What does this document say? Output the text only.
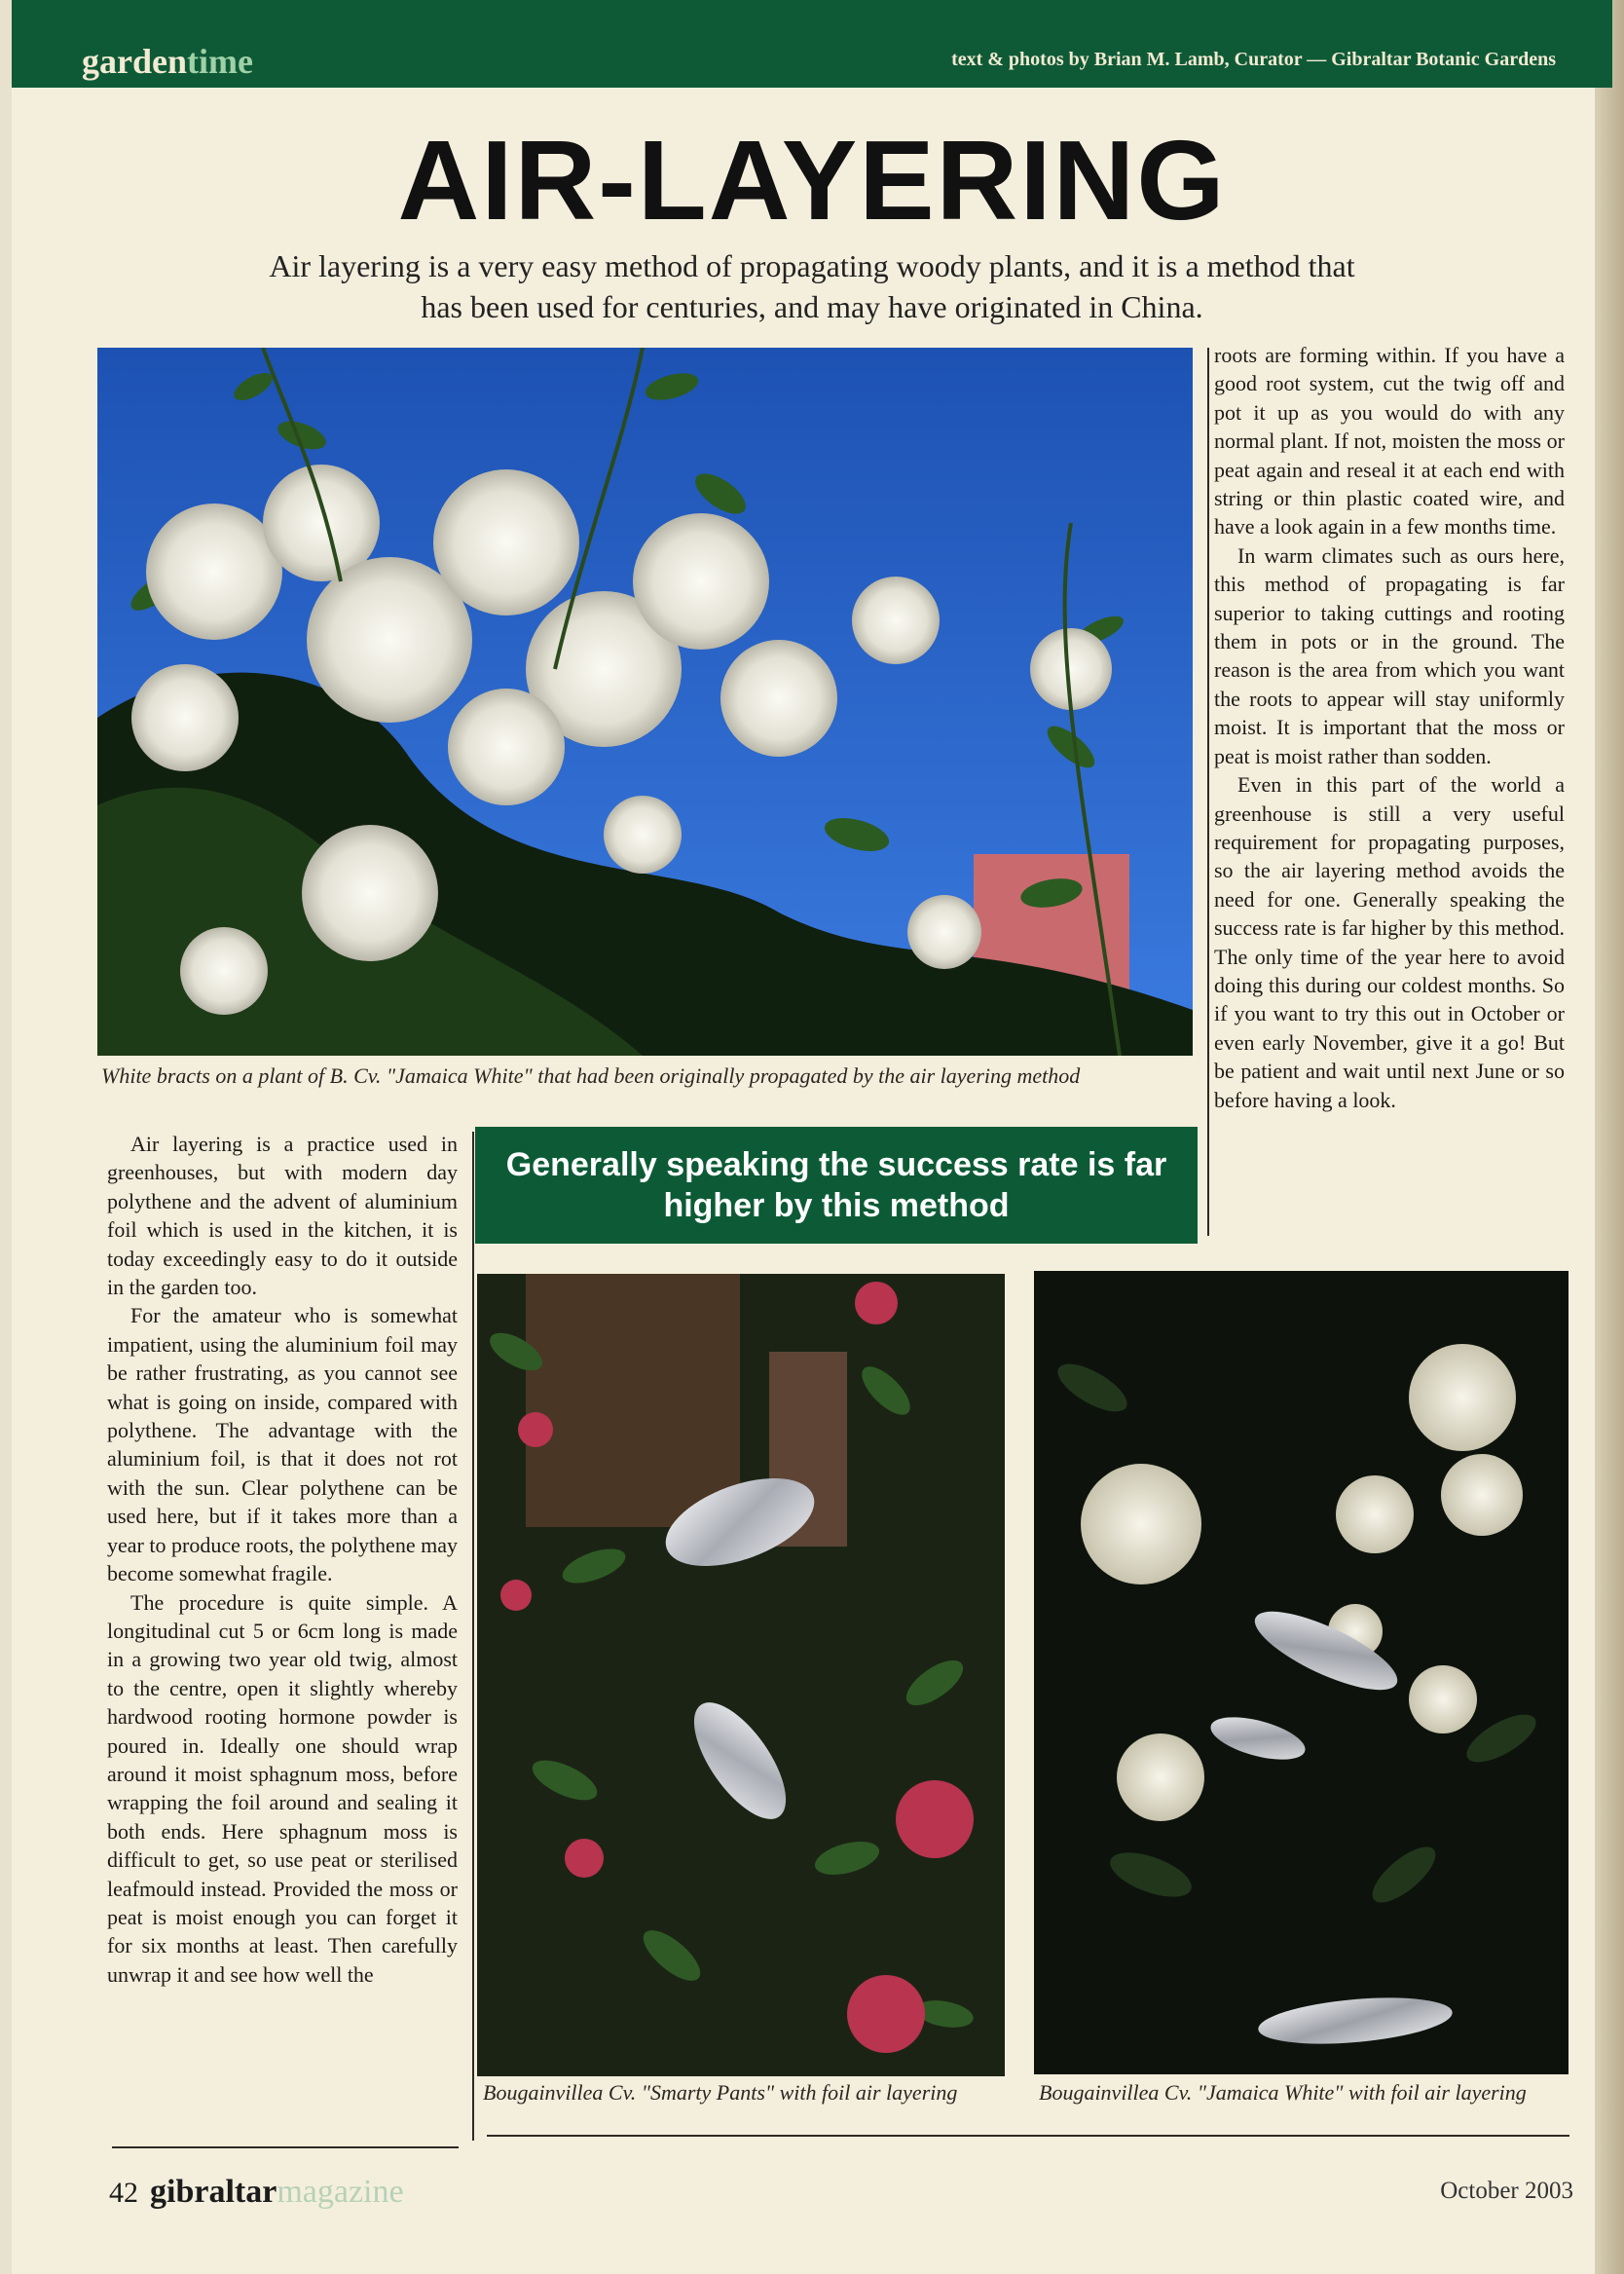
gardentime	text & photos by Brian M. Lamb, Curator — Gibraltar Botanic Gardens
AIR-LAYERING
Air layering is a very easy method of propagating woody plants, and it is a method that has been used for centuries, and may have originated in China.
White bracts on a plant of B. Cv. "Jamaica White" that had been originally propagated by the air layering method

roots are forming within. If you have a good root system, cut the twig off and pot it up as you would do with any normal plant. If not, moisten the moss or peat again and reseal it at each end with string or thin plastic coated wire, and have a look again in a few months time.

In warm climates such as ours here, this method of propagating is far superior to taking cuttings and rooting them in pots or in the ground. The reason is the area from which you want the roots to appear will stay uniformly moist. It is important that the moss or peat is moist rather than sodden.

Even in this part of the world a greenhouse is still a very useful requirement for propagating purposes, so the air layering method avoids the need for one. Generally speaking the success rate is far higher by this method. The only time of the year here to avoid doing this during our coldest months. So if you want to try this out in October or even early November, give it a go! But be patient and wait until next June or so before having a look.

Air layering is a practice used in greenhouses, but with modern day polythene and the advent of aluminium foil which is used in the kitchen, it is today exceedingly easy to do it outside in the garden too.

For the amateur who is somewhat impatient, using the aluminium foil may be rather frustrating, as you cannot see what is going on inside, compared with polythene. The advantage with the aluminium foil, is that it does not rot with the sun. Clear polythene can be used here, but if it takes more than a year to produce roots, the polythene may become somewhat fragile.

The procedure is quite simple. A longitudinal cut 5 or 6cm long is made in a growing two year old twig, almost to the centre, open it slightly whereby hardwood rooting hormone powder is poured in. Ideally one should wrap around it moist sphagnum moss, before wrapping the foil around and sealing it both ends. Here sphagnum moss is difficult to get, so use peat or sterilised leafmould instead. Provided the moss or peat is moist enough you can forget it for six months at least. Then carefully unwrap it and see how well the

Generally speaking the success rate is far higher by this method
Bougainvillea Cv. "Smarty Pants" with foil air layering	Bougainvillea Cv. "Jamaica White" with foil air layering
42 gibraltarmagazine	October 2003
